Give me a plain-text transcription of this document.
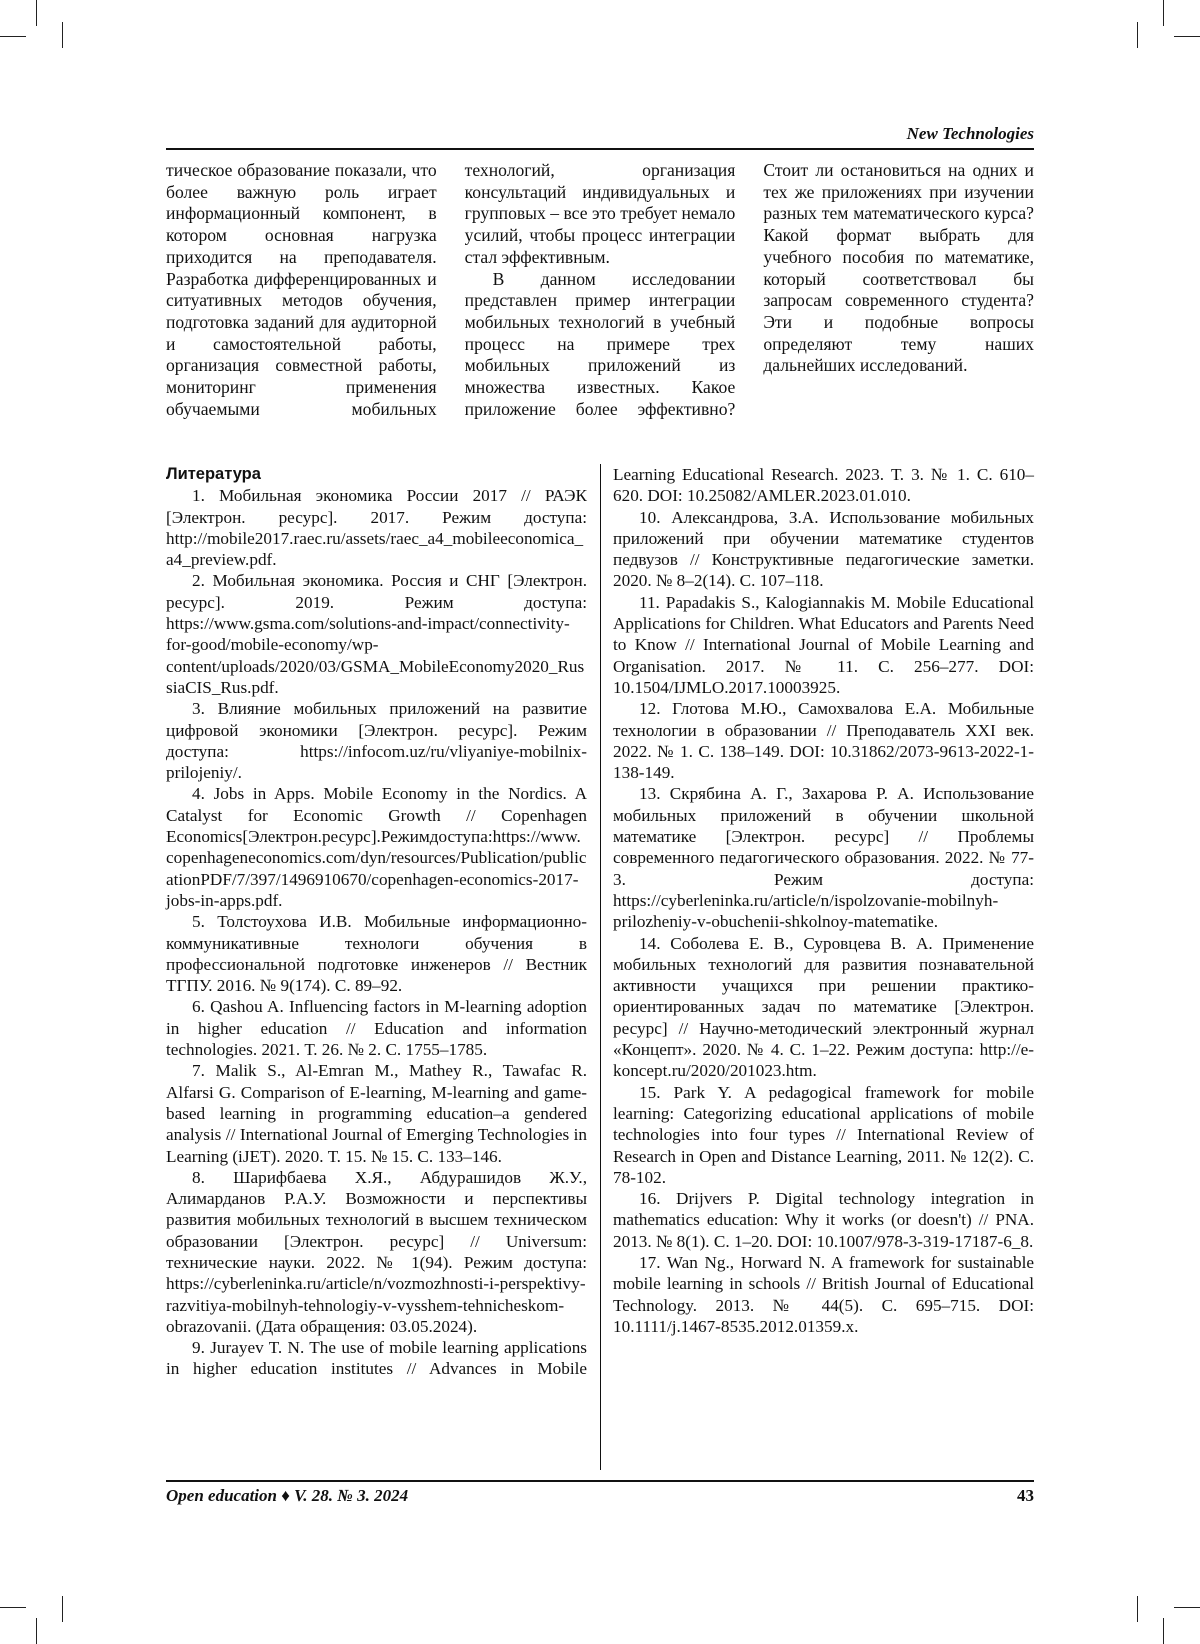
New Technologies

тическое образование показали, что более важную роль играет информационный компонент, в котором основная нагрузка приходится на преподавателя. Разработка дифференцированных и ситуативных методов обучения, подготовка заданий для аудиторной и самостоятельной работы, организация совместной работы, мониторинг применения обучаемыми мобильных технологий, организация консультаций индивидуальных и групповых – все это требует немало усилий, чтобы процесс интеграции стал эффективным.

В данном исследовании представлен пример интеграции мобильных технологий в учебный процесс на примере трех мобильных приложений из множества известных. Какое приложение более эффективно? Стоит ли остановиться на одних и тех же приложениях при изучении разных тем математического курса? Какой формат выбрать для учебного пособия по математике, который соответствовал бы запросам современного студента? Эти и подобные вопросы определяют тему наших дальнейших исследований.

Литература

1. Мобильная экономика России 2017 // РАЭК [Электрон. ресурс]. 2017. Режим доступа: http://mobile2017.raec.ru/assets/raec_a4_mobileeconomica_a4_preview.pdf.

2. Мобильная экономика. Россия и СНГ [Электрон. ресурс]. 2019. Режим доступа: https://www.gsma.com/solutions-and-impact/connectivity-for-good/mobile-economy/wp-content/uploads/2020/03/GSMA_MobileEconomy2020_RussiaCIS_Rus.pdf.

3. Влияние мобильных приложений на развитие цифровой экономики [Электрон. ресурс]. Режим доступа: https://infocom.uz/ru/vliyaniye-mobilnix-prilojeniy/.

4. Jobs in Apps. Mobile Economy in the Nordics. A Catalyst for Economic Growth // Copenhagen Economics[Электрон.ресурс].Режимдоступа:https://www.copenhageneconomics.com/dyn/resources/Publication/publicationPDF/7/397/1496910670/copenhagen-economics-2017-jobs-in-apps.pdf.

5. Толстоухова И.В. Мобильные информационно-коммуникативные технологи обучения в профессиональной подготовке инженеров // Вестник ТГПУ. 2016. № 9(174). С. 89–92.

6. Qashou A. Influencing factors in M-learning adoption in higher education // Education and information technologies. 2021. Т. 26. № 2. С. 1755–1785.

7. Malik S., Al-Emran M., Mathey R., Tawafac R. Alfarsi G. Comparison of E-learning, M-learning and game-based learning in programming education–a gendered analysis // International Journal of Emerging Technologies in Learning (iJET). 2020. Т. 15. № 15. С. 133–146.

8. Шарифбаева Х.Я., Абдурашидов Ж.У., Алимарданов Р.А.У. Возможности и перспективы развития мобильных технологий в высшем техническом образовании [Электрон. ресурс] // Universum: технические науки. 2022. № 1(94). Режим доступа: https://cyberleninka.ru/article/n/vozmozhnosti-i-perspektivy-razvitiya-mobilnyh-tehnologiy-v-vysshem-tehnicheskom-obrazovanii. (Дата обращения: 03.05.2024).

9. Jurayev T. N. The use of mobile learning applications in higher education institutes // Advances in Mobile Learning Educational Research. 2023. Т. 3. № 1. С. 610–620. DOI: 10.25082/AMLER.2023.01.010.

10. Александрова, З.А. Использование мобильных приложений при обучении математике студентов педвузов // Конструктивные педагогические заметки. 2020. № 8–2(14). С. 107–118.

11. Papadakis S., Kalogiannakis M. Mobile Educational Applications for Children. What Educators and Parents Need to Know // International Journal of Mobile Learning and Organisation. 2017. № 11. С. 256–277. DOI: 10.1504/IJMLO.2017.10003925.

12. Глотова М.Ю., Самохвалова Е.А. Мобильные технологии в образовании // Преподаватель XXI век. 2022. № 1. С. 138–149. DOI: 10.31862/2073-9613-2022-1-138-149.

13. Скрябина А. Г., Захарова Р. А. Использование мобильных приложений в обучении школьной математике [Электрон. ресурс] // Проблемы современного педагогического образования. 2022. № 77-3. Режим доступа: https://cyberleninka.ru/article/n/ispolzovanie-mobilnyh-prilozheniy-v-obuchenii-shkolnoy-matematike.

14. Соболева Е. В., Суровцева В. А. Применение мобильных технологий для развития познавательной активности учащихся при решении практико-ориентированных задач по математике [Электрон. ресурс] // Научно-методический электронный журнал «Концепт». 2020. № 4. С. 1–22. Режим доступа: http://e-koncept.ru/2020/201023.htm.

15. Park Y. A pedagogical framework for mobile learning: Categorizing educational applications of mobile technologies into four types // International Review of Research in Open and Distance Learning, 2011. № 12(2). С. 78-102.

16. Drijvers P. Digital technology integration in mathematics education: Why it works (or doesn't) // PNA. 2013. № 8(1). С. 1–20. DOI: 10.1007/978-3-319-17187-6_8.

17. Wan Ng., Horward N. A framework for sustainable mobile learning in schools // British Journal of Educational Technology. 2013. № 44(5). С. 695–715. DOI: 10.1111/j.1467-8535.2012.01359.x.

Open education ♦ V. 28. № 3. 2024	43
